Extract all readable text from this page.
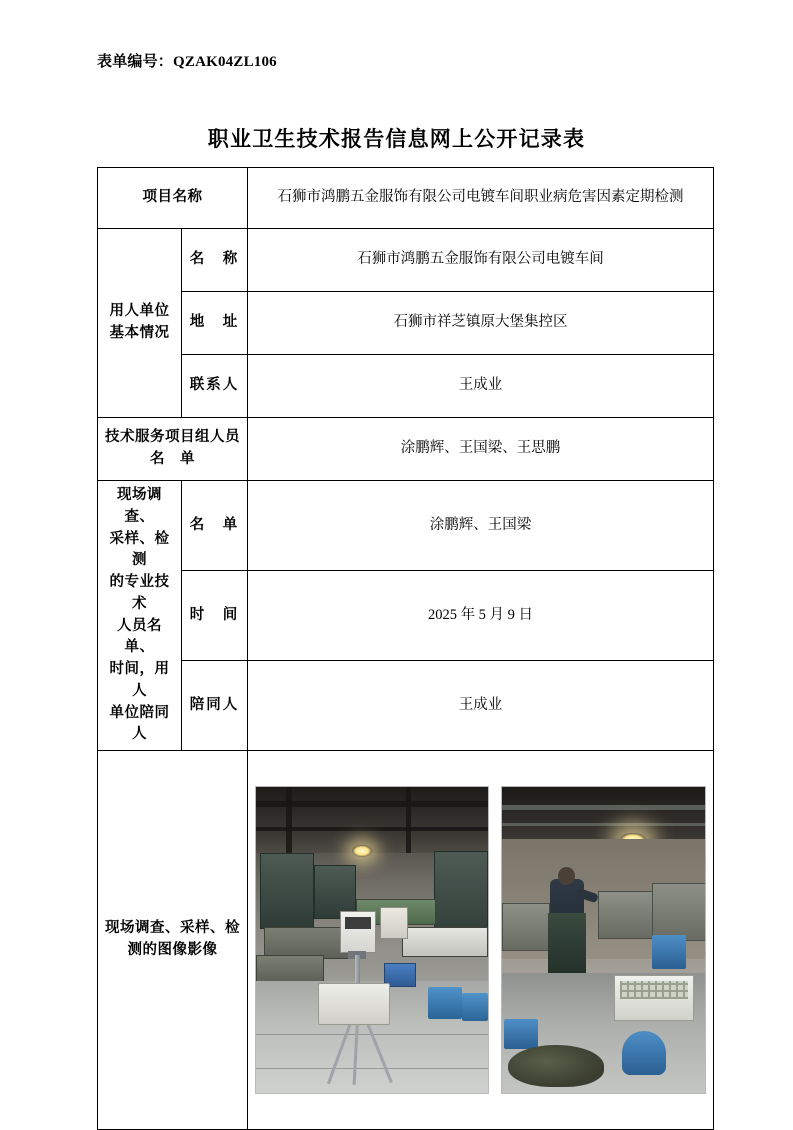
表单编号：QZAK04ZL106
职业卫生技术报告信息网上公开记录表
项目名称		石狮市鸿鹏五金服饰有限公司电镀车间职业病危害因素定期检测

用人单位
基本情况	名　称	石狮市鸿鹏五金服饰有限公司电镀车间
	地　址	石狮市祥芝镇原大堡集控区
	联系人	王成业

技术服务项目组人员
名　单		涂鹏辉、王国梁、王思鹏

现场调查、
采样、检测
的专业技术
人员名单、
时间，用人
单位陪同人
	名　单	涂鹏辉、王国梁
	时　间	2025 年 5 月 9 日
	陪同人	王成业

现场调查、采样、检
测的图像影像		
